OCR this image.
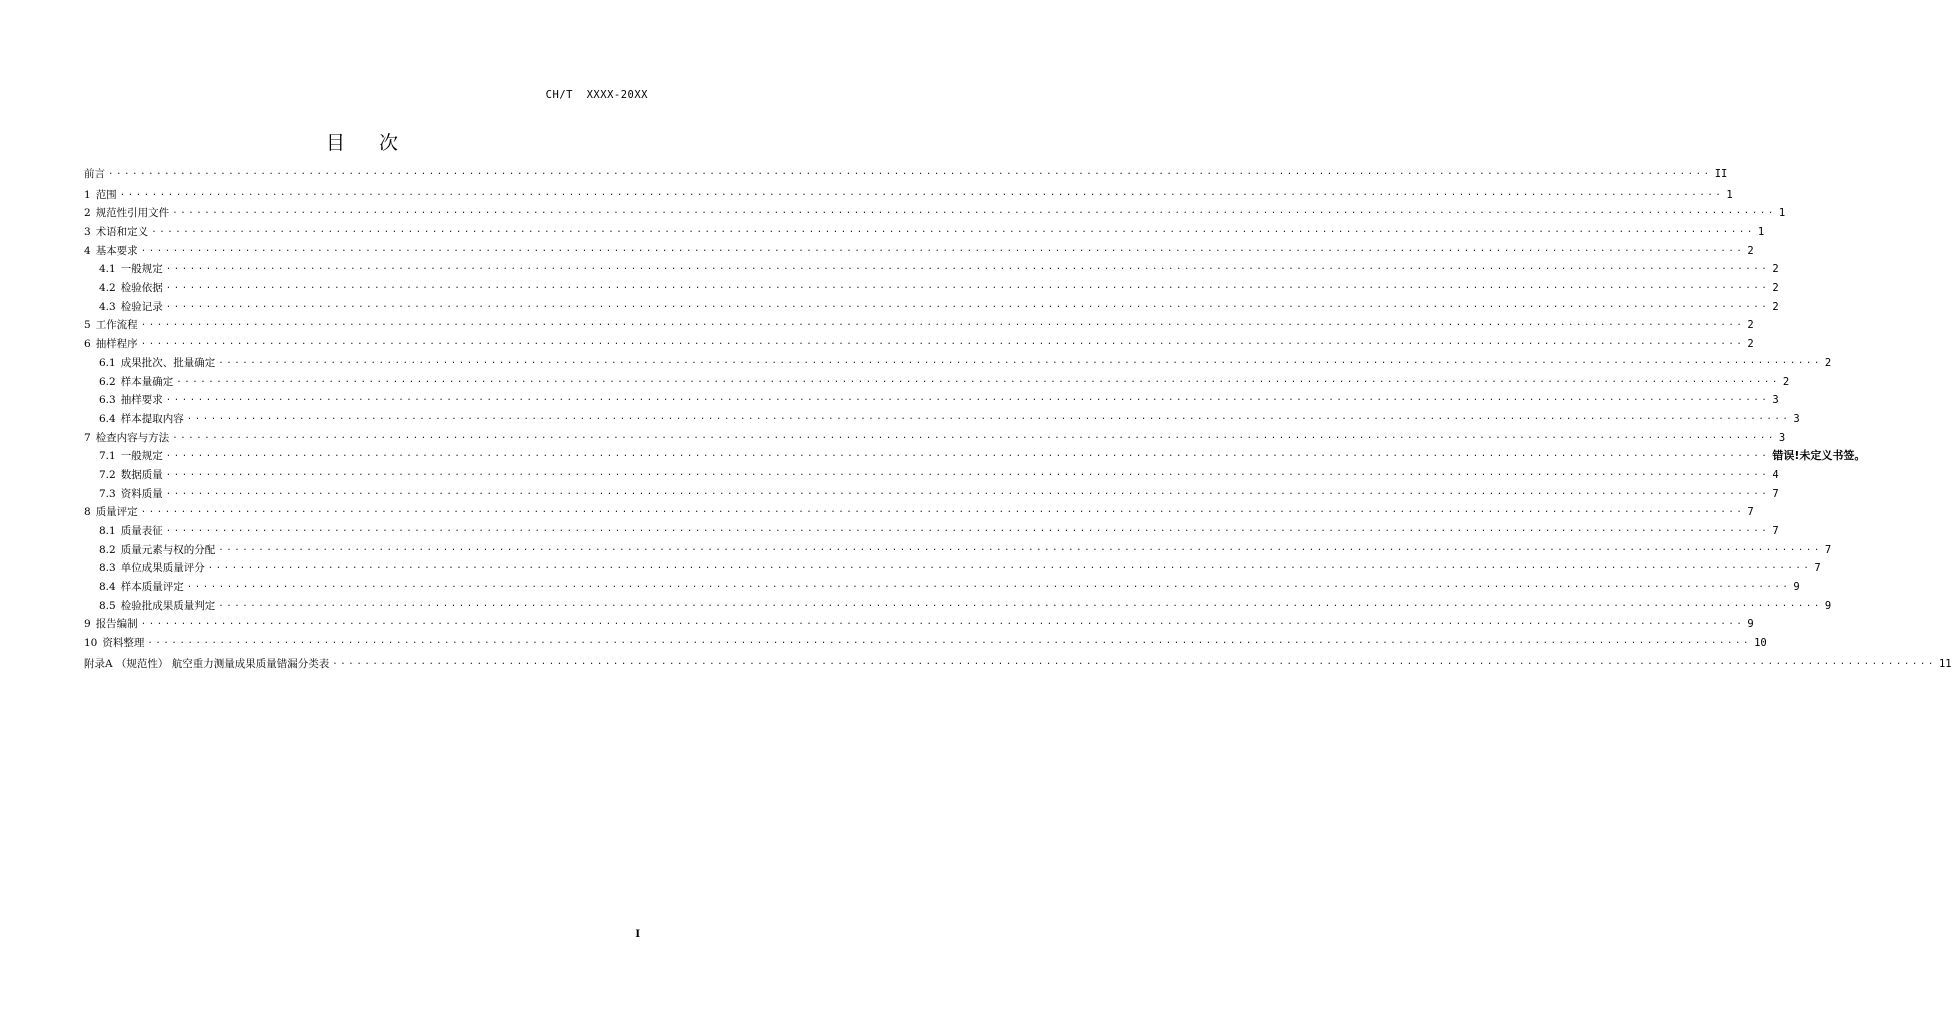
CH/T  XXXX-20XX
目 次
前言 ........................................................................................................................................................................................................ II
1 范围 ........................................................................................................................................................................................................ 1
2 规范性引用文件 ........................................................................................................................................................................................................ 1
3 术语和定义 ........................................................................................................................................................................................................ 1
4 基本要求 ........................................................................................................................................................................................................ 2
4.1 一般规定 ........................................................................................................................................................................................................ 2
4.2 检验依据 ........................................................................................................................................................................................................ 2
4.3 检验记录 ........................................................................................................................................................................................................ 2
5 工作流程 ........................................................................................................................................................................................................ 2
6 抽样程序 ........................................................................................................................................................................................................ 2
6.1 成果批次、批量确定 ........................................................................................................................................................................................................ 2
6.2 样本量确定 ........................................................................................................................................................................................................ 2
6.3 抽样要求 ........................................................................................................................................................................................................ 3
6.4 样本提取内容 ........................................................................................................................................................................................................ 3
7 检查内容与方法 ........................................................................................................................................................................................................ 3
7.1 一般规定 ........................................................................................................................................................................................................ 错误!未定义书签。
7.2 数据质量 ........................................................................................................................................................................................................ 4
7.3 资料质量 ........................................................................................................................................................................................................ 7
8 质量评定 ........................................................................................................................................................................................................ 7
8.1 质量表征 ........................................................................................................................................................................................................ 7
8.2 质量元素与权的分配 ........................................................................................................................................................................................................ 7
8.3 单位成果质量评分 ........................................................................................................................................................................................................ 7
8.4 样本质量评定 ........................................................................................................................................................................................................ 9
8.5 检验批成果质量判定 ........................................................................................................................................................................................................ 9
9 报告编制 ........................................................................................................................................................................................................ 9
10 资料整理 ........................................................................................................................................................................................................ 10
附录A （规范性） 航空重力测量成果质量错漏分类表 ........................................................................................................................................................................................................ 11
I
